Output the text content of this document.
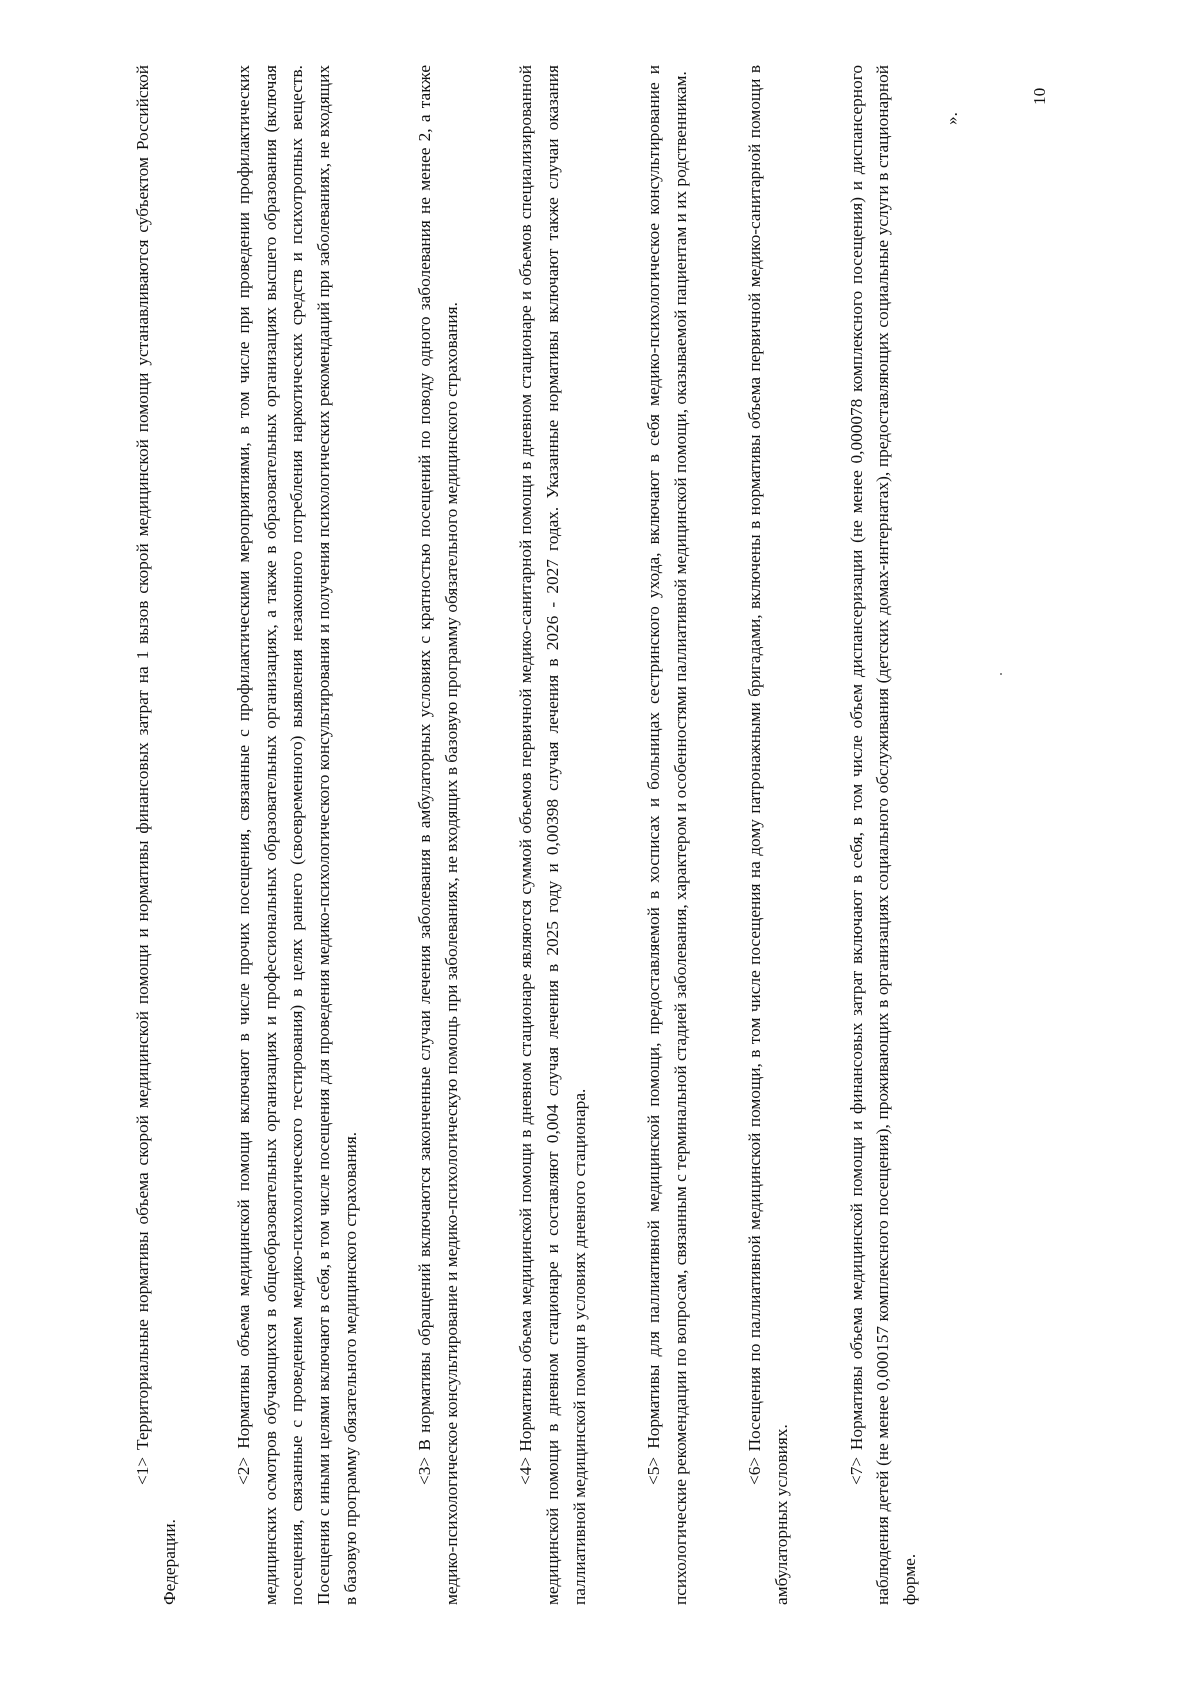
<1> Территориальные нормативы объема скорой медицинской помощи и нормативы финансовых затрат на 1 вызов скорой медицинской помощи устанавливаются субъектом Российской Федерации.

<2> Нормативы объема медицинской помощи включают в числе прочих посещения, связанные с профилактическими мероприятиями, в том числе при проведении профилактических медицинских осмотров обучающихся в общеобразовательных организациях и профессиональных образовательных организациях, а также в образовательных организациях высшего образования (включая посещения, связанные с проведением медико-психологического тестирования) в целях раннего (своевременного) выявления незаконного потребления наркотических средств и психотропных веществ. Посещения с иными целями включают в себя, в том числе посещения для проведения медико-психологического консультирования и получения психологических рекомендаций при заболеваниях, не входящих в базовую программу обязательного медицинского страхования.	<3> В нормативы обращений включаются законченные случаи лечения заболевания в амбулаторных условиях с кратностью посещений по поводу одного заболевания не менее 2, а также медико-психологическое консультирование и медико-психологическую помощь при заболеваниях, не входящих в базовую программу обязательного медицинского страхования.	<4> Нормативы объема медицинской помощи в дневном стационаре являются суммой объемов первичной медико-санитарной помощи в дневном стационаре и объемов специализированной медицинской помощи в дневном стационаре и составляют 0,004 случая лечения в 2025 году и 0,00398 случая лечения в 2026 - 2027 годах. Указанные нормативы включают также случаи оказания паллиативной медицинской помощи в условиях дневного стационара.	<5> Нормативы для паллиативной медицинской помощи, предоставляемой в хосписах и больницах сестринского ухода, включают в себя медико-психологическое консультирование и психологические рекомендации по вопросам, связанным с терминальной стадией заболевания, характером и особенностями паллиативной медицинской помощи, оказываемой пациентам и их родственникам.	<6> Посещения по паллиативной медицинской помощи, в том числе посещения на дому патронажными бригадами, включены в нормативы объема первичной медико-санитарной помощи в амбулаторных условиях.	<7> Нормативы объема медицинской помощи и финансовых затрат включают в себя, в том числе объем диспансеризации (не менее 0,000078 комплексного посещения) и диспансерного наблюдения детей (не менее 0,000157 комплексного посещения), проживающих в организациях социального обслуживания (детских домах-интернатах), предоставляющих социальные услуги в стационарной форме.

».
10
